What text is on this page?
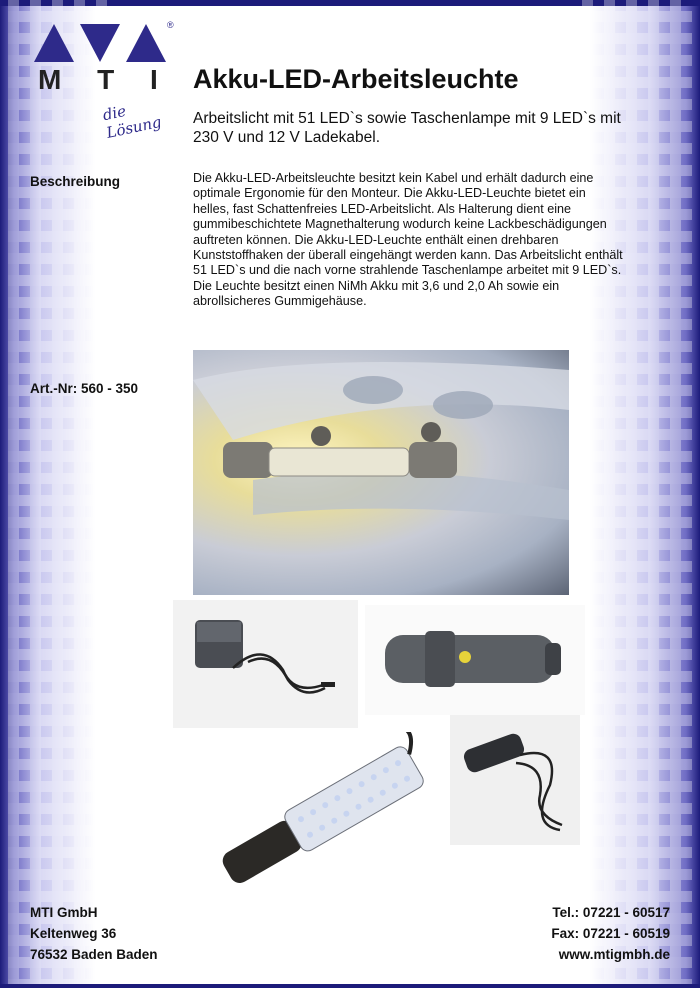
®
M T I
die Lösung
Akku-LED-Arbeitsleuchte
Arbeitslicht mit 51 LED`s sowie Taschenlampe mit 9 LED`s mit 230 V und 12 V Ladekabel.
Beschreibung	Die Akku-LED-Arbeitsleuchte besitzt kein Kabel und erhält dadurch eine optimale Ergonomie für den Monteur. Die Akku-LED-Leuchte bietet ein helles, fast Schattenfreies LED-Arbeitslicht. Als Halterung dient eine gummibeschichtete Magnethalterung wodurch keine Lackbeschädigungen auftreten können. Die Akku-LED-Leuchte enthält einen drehbaren Kunststoffhaken der überall eingehängt werden kann. Das Arbeitslicht enthält 51 LED`s und die nach vorne strahlende Taschenlampe arbeitet mit 9 LED`s. Die Leuchte besitzt einen NiMh Akku mit 3,6 und 2,0 Ah sowie ein abrollsicheres Gummigehäuse.
Art.-Nr: 560 - 350
MTI GmbH
Keltenweg 36
76532 Baden Baden
Tel.: 07221 - 60517
Fax: 07221 - 60519
www.mtigmbh.de
